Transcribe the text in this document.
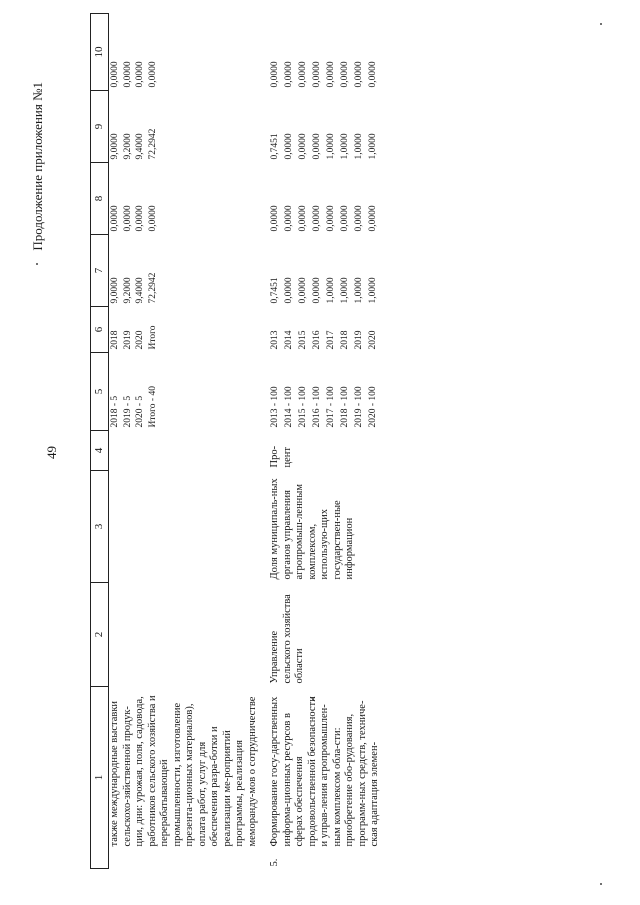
49
Продолжение приложения №1
1	2	3	4	5	6	7	8	9	10
также международные выставки сельскохо-зяйственной продук-ции, дни: урожая, поля, садовода, работников сельского хозяйства и перерабатывающей промышленности, изготовление презента-ционных материалов), оплата работ, услуг для обеспечения разра-ботки и реализации ме-роприятий программы, реализация меморанду-мов о сотрудничестве				2018 - 5	2018	9,0000	0,0000	9,0000	0,0000
				2019 - 5	2019	9,2000	0,0000	9,2000	0,0000
				2020 - 5	2020	9,4000	0,0000	9,4000	0,0000
				Итого - 40	Итого	72,2942	0,0000	72,2942	0,0000

5.
Формирование госу-дарственных информа-ционных ресурсов в сферах обеспечения продовольственной безопасности и управ-ления агропромышлен-ным комплексом обла-сти: приобретение обо-рудования, программ-ных средств, техниче-ская адаптация элемен-	Управление сельского хозяйства области	Доля муниципаль-ных органов управления агропромыш-ленным комплексом, использую-щих государствен-ные информацион	Про-цент	2013 - 100	2013	0,7451	0,0000	0,7451	0,0000
				2014 - 100	2014	0,0000	0,0000	0,0000	0,0000
				2015 - 100	2015	0,0000	0,0000	0,0000	0,0000
				2016 - 100	2016	0,0000	0,0000	0,0000	0,0000
				2017 - 100	2017	1,0000	0,0000	1,0000	0,0000
				2018 - 100	2018	1,0000	0,0000	1,0000	0,0000
				2019 - 100	2019	1,0000	0,0000	1,0000	0,0000
				2020 - 100	2020	1,0000	0,0000	1,0000	0,0000
